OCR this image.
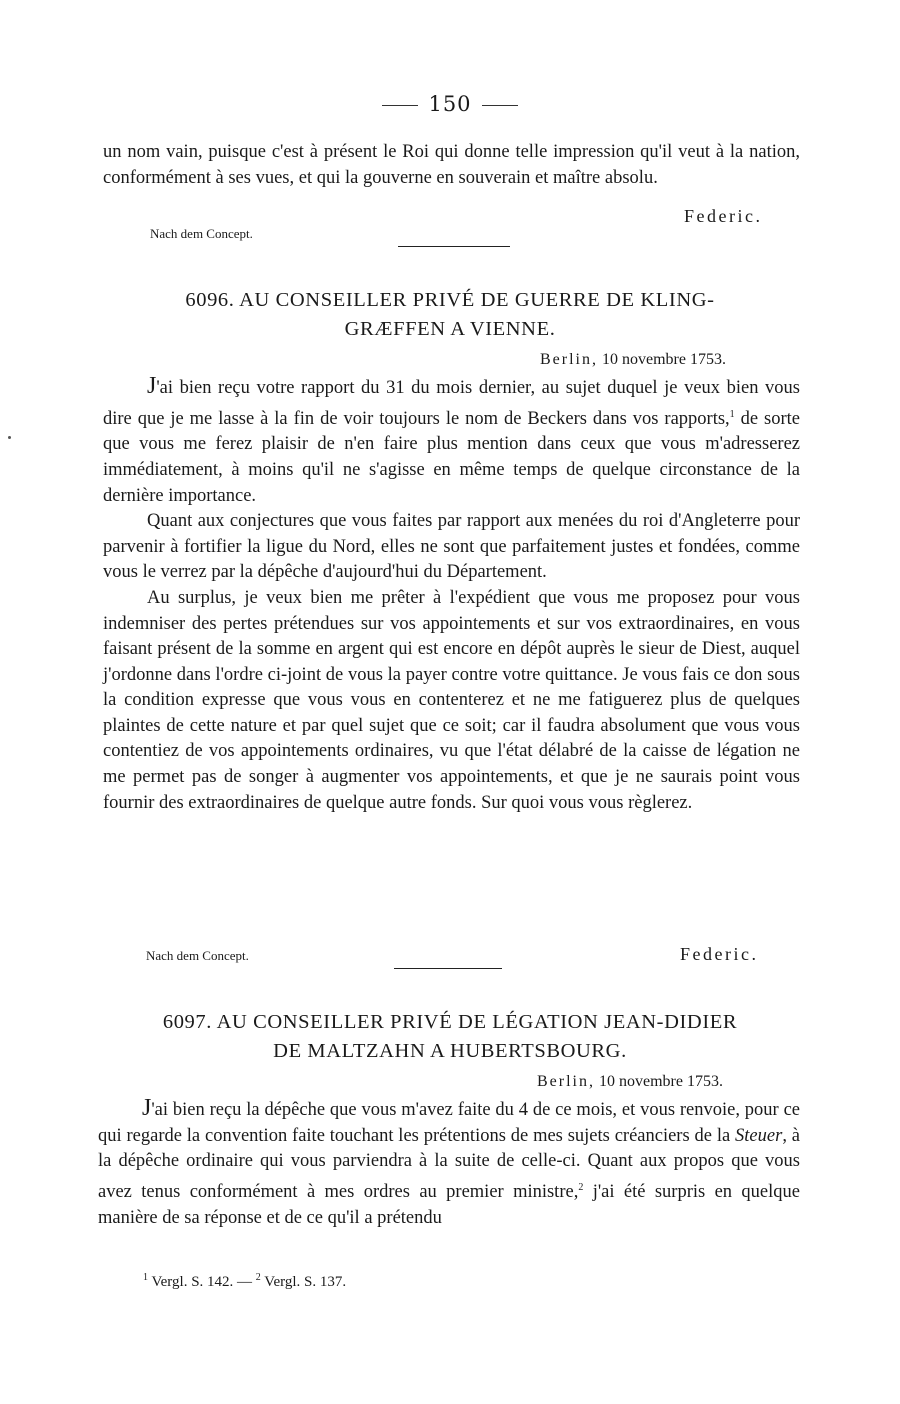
150

un nom vain, puisque c'est à présent le Roi qui donne telle impression qu'il veut à la nation, conformément à ses vues, et qui la gouverne en souverain et maître absolu.

Federic.
Nach dem Concept.
6096. AU CONSEILLER PRIVÉ DE GUERRE DE KLING-
GRÆFFEN A VIENNE.
Berlin, 10 novembre 1753.

J'ai bien reçu votre rapport du 31 du mois dernier, au sujet duquel je veux bien vous dire que je me lasse à la fin de voir toujours le nom de Beckers dans vos rapports,$^1$ de sorte que vous me ferez plaisir de n'en faire plus mention dans ceux que vous m'adresserez immédiatement, à moins qu'il ne s'agisse en même temps de quelque circonstance de la dernière importance.

Quant aux conjectures que vous faites par rapport aux menées du roi d'Angleterre pour parvenir à fortifier la ligue du Nord, elles ne sont que parfaitement justes et fondées, comme vous le verrez par la dépêche d'aujourd'hui du Département.

Au surplus, je veux bien me prêter à l'expédient que vous me proposez pour vous indemniser des pertes prétendues sur vos appointements et sur vos extraordinaires, en vous faisant présent de la somme en argent qui est encore en dépôt auprès le sieur de Diest, auquel j'ordonne dans l'ordre ci-joint de vous la payer contre votre quittance. Je vous fais ce don sous la condition expresse que vous vous en contenterez et ne me fatiguerez plus de quelques plaintes de cette nature et par quel sujet que ce soit; car il faudra absolument que vous vous contentiez de vos appointements ordinaires, vu que l'état délabré de la caisse de légation ne me permet pas de songer à augmenter vos appointements, et que je ne saurais point vous fournir des extraordinaires de quelque autre fonds. Sur quoi vous vous règlerez.

Nach dem Concept.	Federic.
6097. AU CONSEILLER PRIVÉ DE LÉGATION JEAN-DIDIER
DE MALTZAHN A HUBERTSBOURG.
Berlin, 10 novembre 1753.

J'ai bien reçu la dépêche que vous m'avez faite du 4 de ce mois, et vous renvoie, pour ce qui regarde la convention faite touchant les prétentions de mes sujets créanciers de la Steuer, à la dépêche ordinaire qui vous parviendra à la suite de celle-ci. Quant aux propos que vous avez tenus conformément à mes ordres au premier ministre,$^2$ j'ai été surpris en quelque manière de sa réponse et de ce qu'il a prétendu

$^1$ Vergl. S. 142. — $^2$ Vergl. S. 137.
